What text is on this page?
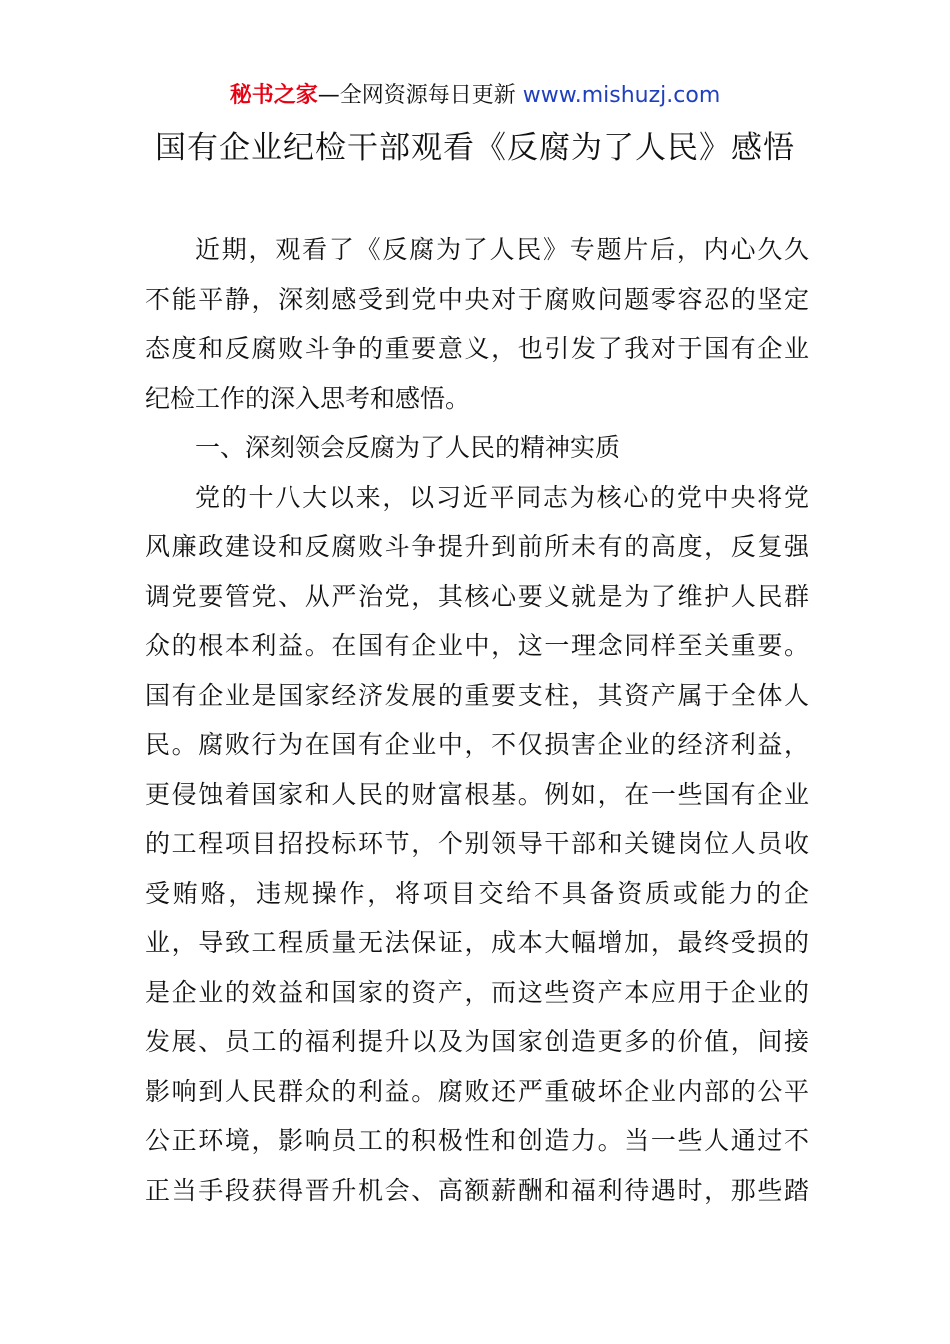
秘书之家—全网资源每日更新 www.mishuzj.com
国有企业纪检干部观看《反腐为了人民》感悟
近期，观看了《反腐为了人民》专题片后，内心久久
不能平静，深刻感受到党中央对于腐败问题零容忍的坚定
态度和反腐败斗争的重要意义，也引发了我对于国有企业
纪检工作的深入思考和感悟。
一、深刻领会反腐为了人民的精神实质
党的十八大以来，以习近平同志为核心的党中央将党
风廉政建设和反腐败斗争提升到前所未有的高度，反复强
调党要管党、从严治党，其核心要义就是为了维护人民群
众的根本利益。在国有企业中，这一理念同样至关重要。
国有企业是国家经济发展的重要支柱，其资产属于全体人
民。腐败行为在国有企业中，不仅损害企业的经济利益，
更侵蚀着国家和人民的财富根基。例如，在一些国有企业
的工程项目招投标环节，个别领导干部和关键岗位人员收
受贿赂，违规操作，将项目交给不具备资质或能力的企
业，导致工程质量无法保证，成本大幅增加，最终受损的
是企业的效益和国家的资产，而这些资产本应用于企业的
发展、员工的福利提升以及为国家创造更多的价值，间接
影响到人民群众的利益。腐败还严重破坏企业内部的公平
公正环境，影响员工的积极性和创造力。当一些人通过不
正当手段获得晋升机会、高额薪酬和福利待遇时，那些踏
